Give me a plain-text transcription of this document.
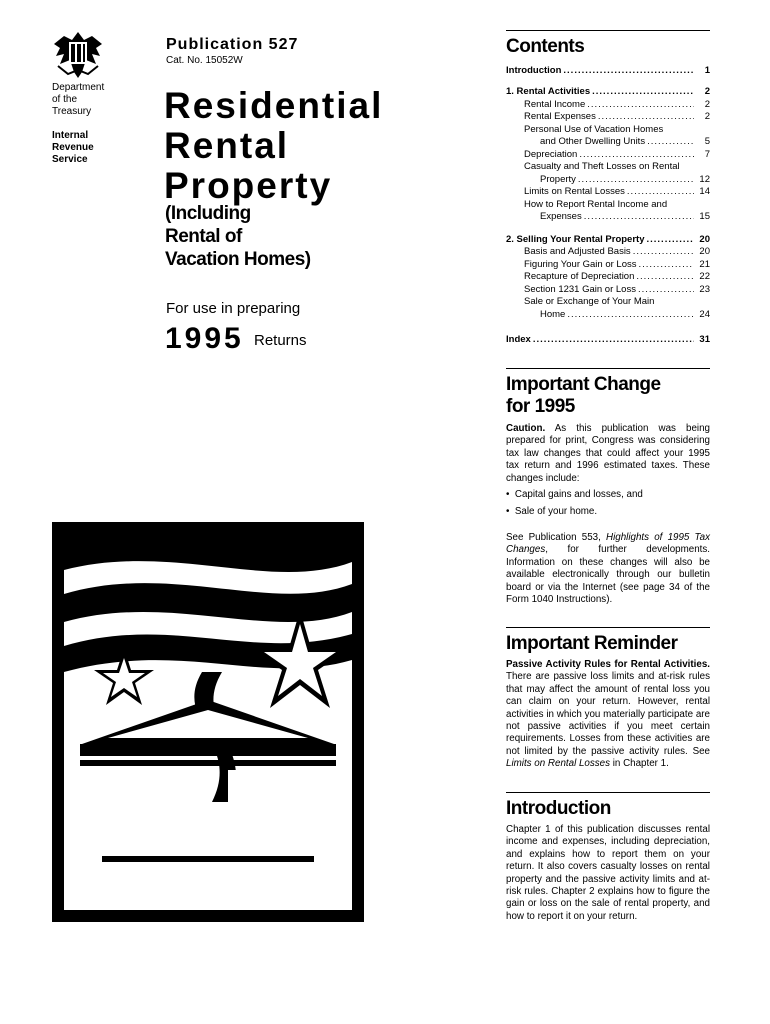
Department
of the
Treasury
Internal
Revenue
Service
Publication 527
Cat. No. 15052W
Residential
Rental
Property
(Including
Rental of
Vacation Homes)
For use in preparing
1995 Returns
Contents
Introduction .....	1
1. Rental Activities .....	2
Rental Income .....	2
Rental Expenses .....	2
Personal Use of Vacation Homes
and Other Dwelling Units .....	5
Depreciation .....	7
Casualty and Theft Losses on Rental
Property .....	12
Limits on Rental Losses .....	14
How to Report Rental Income and
Expenses .....	15
2. Selling Your Rental Property .....	20
Basis and Adjusted Basis .....	20
Figuring Your Gain or Loss .....	21
Recapture of Depreciation .....	22
Section 1231 Gain or Loss .....	23
Sale or Exchange of Your Main
Home .....	24
Index .....	31
Important Change
for 1995

Caution. As this publication was being prepared for print, Congress was considering tax law changes that could affect your 1995 tax return and 1996 estimated taxes. These changes include:

•  Capital gains and losses, and
•  Sale of your home.

See Publication 553, Highlights of 1995 Tax Changes, for further developments. Information on these changes will also be available electronically through our bulletin board or via the Internet (see page 34 of the Form 1040 Instructions).

Important Reminder

Passive Activity Rules for Rental Activities. There are passive loss limits and at-risk rules that may affect the amount of rental loss you can claim on your return. However, rental activities in which you materially participate are not passive activities if you meet certain requirements. Losses from these activities are not limited by the passive activity rules. See Limits on Rental Losses in Chapter 1.

Introduction

Chapter 1 of this publication discusses rental income and expenses, including depreciation, and explains how to report them on your return. It also covers casualty losses on rental property and the passive activity limits and at-risk rules. Chapter 2 explains how to figure the gain or loss on the sale of rental property, and how to report it on your return.
